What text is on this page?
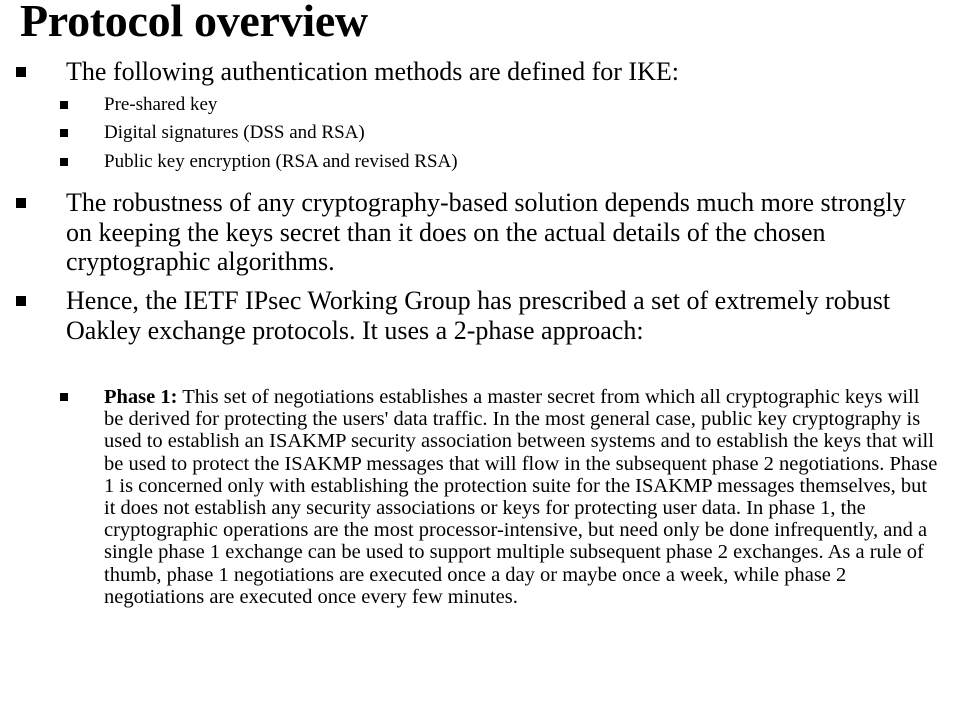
Protocol overview
The following authentication methods are defined for IKE:
Pre-shared key
Digital signatures (DSS and RSA)
Public key encryption (RSA and revised RSA)
The robustness of any cryptography-based solution depends much more strongly on keeping the keys secret than it does on the actual details of the chosen cryptographic algorithms.
Hence, the IETF IPsec Working Group has prescribed a set of extremely robust Oakley exchange protocols. It uses a 2-phase approach:
Phase 1: This set of negotiations establishes a master secret from which all cryptographic keys will be derived for protecting the users' data traffic. In the most general case, public key cryptography is used to establish an ISAKMP security association between systems and to establish the keys that will be used to protect the ISAKMP messages that will flow in the subsequent phase 2 negotiations. Phase 1 is concerned only with establishing the protection suite for the ISAKMP messages themselves, but it does not establish any security associations or keys for protecting user data. In phase 1, the cryptographic operations are the most processor-intensive, but need only be done infrequently, and a single phase 1 exchange can be used to support multiple subsequent phase 2 exchanges. As a rule of thumb, phase 1 negotiations are executed once a day or maybe once a week, while phase 2 negotiations are executed once every few minutes.
